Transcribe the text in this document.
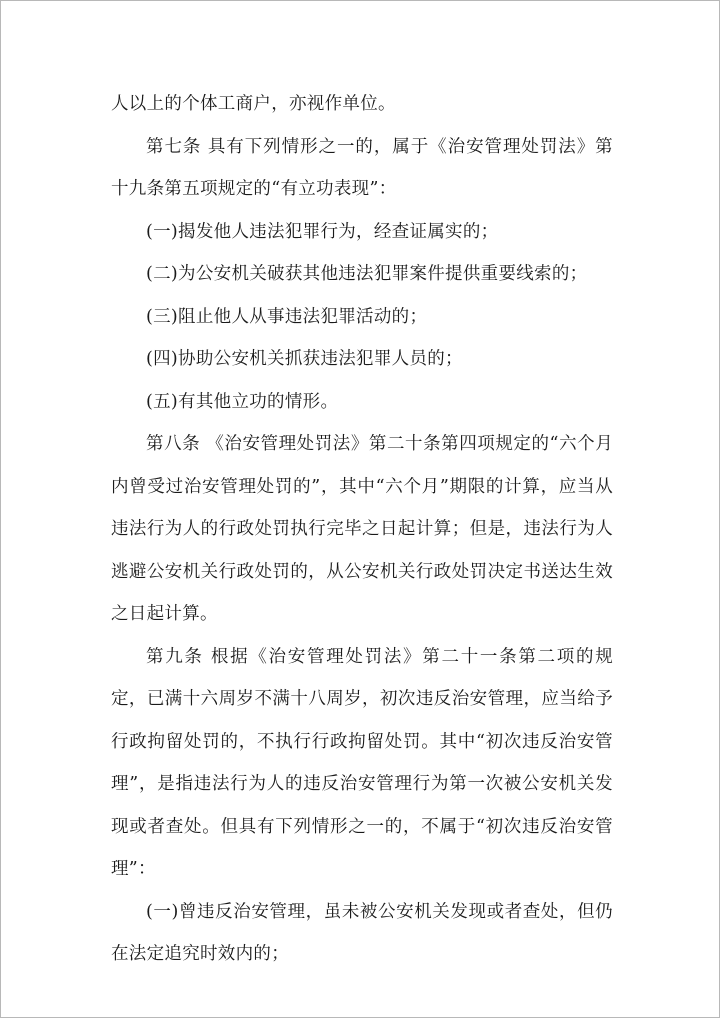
人以上的个体工商户，亦视作单位。

第七条 具有下列情形之一的，属于《治安管理处罚法》第十九条第五项规定的“有立功表现”：

(一)揭发他人违法犯罪行为，经查证属实的；

(二)为公安机关破获其他违法犯罪案件提供重要线索的；

(三)阻止他人从事违法犯罪活动的；

(四)协助公安机关抓获违法犯罪人员的；

(五)有其他立功的情形。

第八条 《治安管理处罚法》第二十条第四项规定的“六个月内曾受过治安管理处罚的”，其中“六个月”期限的计算，应当从违法行为人的行政处罚执行完毕之日起计算；但是，违法行为人逃避公安机关行政处罚的，从公安机关行政处罚决定书送达生效之日起计算。

第九条 根据《治安管理处罚法》第二十一条第二项的规定，已满十六周岁不满十八周岁，初次违反治安管理，应当给予行政拘留处罚的，不执行行政拘留处罚。其中“初次违反治安管理”，是指违法行为人的违反治安管理行为第一次被公安机关发现或者查处。但具有下列情形之一的，不属于“初次违反治安管理”：

(一)曾违反治安管理，虽未被公安机关发现或者查处，但仍在法定追究时效内的；
